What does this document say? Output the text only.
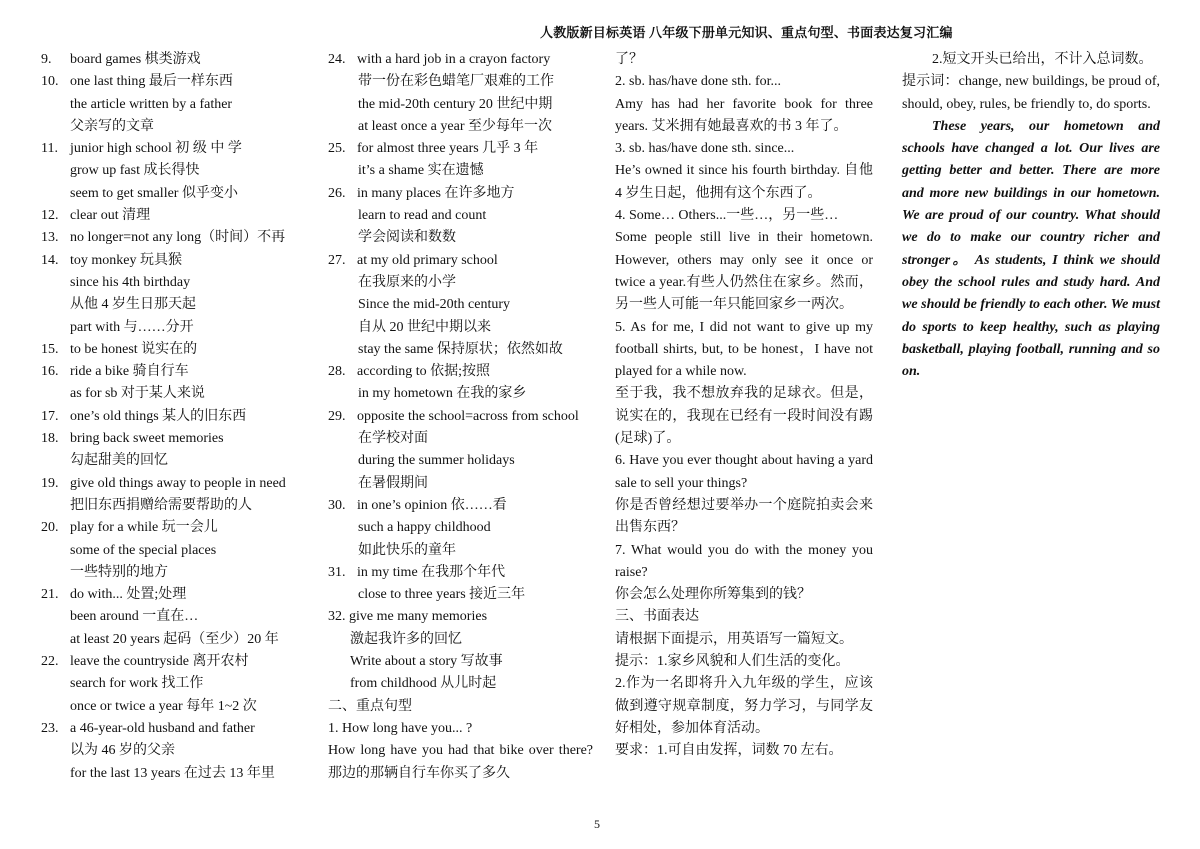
人教版新目标英语 八年级下册单元知识、重点句型、书面表达复习汇编
9.	board games 棋类游戏
10. one last thing 最后一样东西
the article written by a father
父亲写的文章
11. junior high school 初 级 中 学
grow up fast 成长得快
seem to get smaller 似乎变小
12. clear out 清理
13. no longer=not any long（时间）不再
14. toy monkey 玩具猴
since his 4th birthday
从他 4 岁生日那天起
part with 与……分开
15. to be honest 说实在的
16. ride a bike 骑自行车
as for sb 对于某人来说
17. one’s old things 某人的旧东西
18. bring back sweet memories
勾起甜美的回忆
19. give old things away to people in need
把旧东西捐赠给需要帮助的人
20. play for a while 玩一会儿
some of the special places
一些特别的地方
21. do with... 处置;处理
been around 一直在…
at least 20 years 起码（至少）20 年
22. leave the countryside 离开农村
search for work 找工作
once or twice a year 每年 1~2 次
23. a 46-year-old husband and father
以为 46 岁的父亲
for the last 13 years 在过去 13 年里
24. with a hard job in a crayon factory
带一份在彩色蜡笔厂艰难的工作
the mid-20th century 20 世纪中期
at least once a year 至少每年一次
25. for almost three years 几乎 3 年
it’s a shame 实在遗憾
26. in many places 在许多地方
learn to read and count
学会阅读和数数
27. at my old primary school
在我原来的小学
Since the mid-20th century
自从 20 世纪中期以来
stay the same 保持原状；依然如故
28. according to 依据;按照
in my hometown 在我的家乡
29. opposite the school=across from school
在学校对面
during the summer holidays
在暑假期间
30. in one’s opinion 依……看
such a happy childhood
如此快乐的童年
31. in my time 在我那个年代
close to three years 接近三年
32.
give me many memories
激起我许多的回忆
Write about a story 写故事
from childhood 从儿时起
二、重点句型
1. How long have you... ?
How long have you had that bike over there? 那边的那辆自行车你买了多久
了？
2. sb. has/have done sth. for...
Amy has had her favorite book for three years. 艾米拥有她最喜欢的书 3 年了。
3. sb. has/have done sth. since...
He’s owned it since his fourth birthday. 自他 4 岁生日起，他拥有这个东西了。
4. Some… Others...一些…，另一些…
Some people still live in their hometown. However, others may only see it once or twice a year.有些人仍然住在家乡。然而，另一些人可能一年只能回家乡一两次。
5. As for me, I did not want to give up my football shirts, but, to be honest，I have not played for a while now.
至于我，我不想放弃我的足球衣。但是，说实在的，我现在已经有一段时间没有踢(足球)了。
6. Have you ever thought about having a yard sale to sell your things?
你是否曾经想过要举办一个庭院拍卖会来出售东西？
7. What would you do with the money you raise?
你会怎么处理你所筹集到的钱？
三、书面表达
请根据下面提示，用英语写一篇短文。
提示：1.家乡风貌和人们生活的变化。
2.作为一名即将升入九年级的学生，应该做到遵守规章制度，努力学习，与同学友好相处，参加体育活动。
要求：1.可自由发挥，词数 70 左右。
2.短文开头已给出，不计入总词数。
提示词：change, new buildings, be proud of, should, obey, rules, be friendly to, do sports.
These years, our hometown and schools have changed a lot. Our lives are getting better and better. There are more and more new buildings in our hometown. We are proud of our country. What should we do to make our country richer and stronger。 As students, I think we should obey the school rules and study hard. And we should be friendly to each other. We must do sports to keep healthy, such as playing basketball, playing football, running and so on.
5
